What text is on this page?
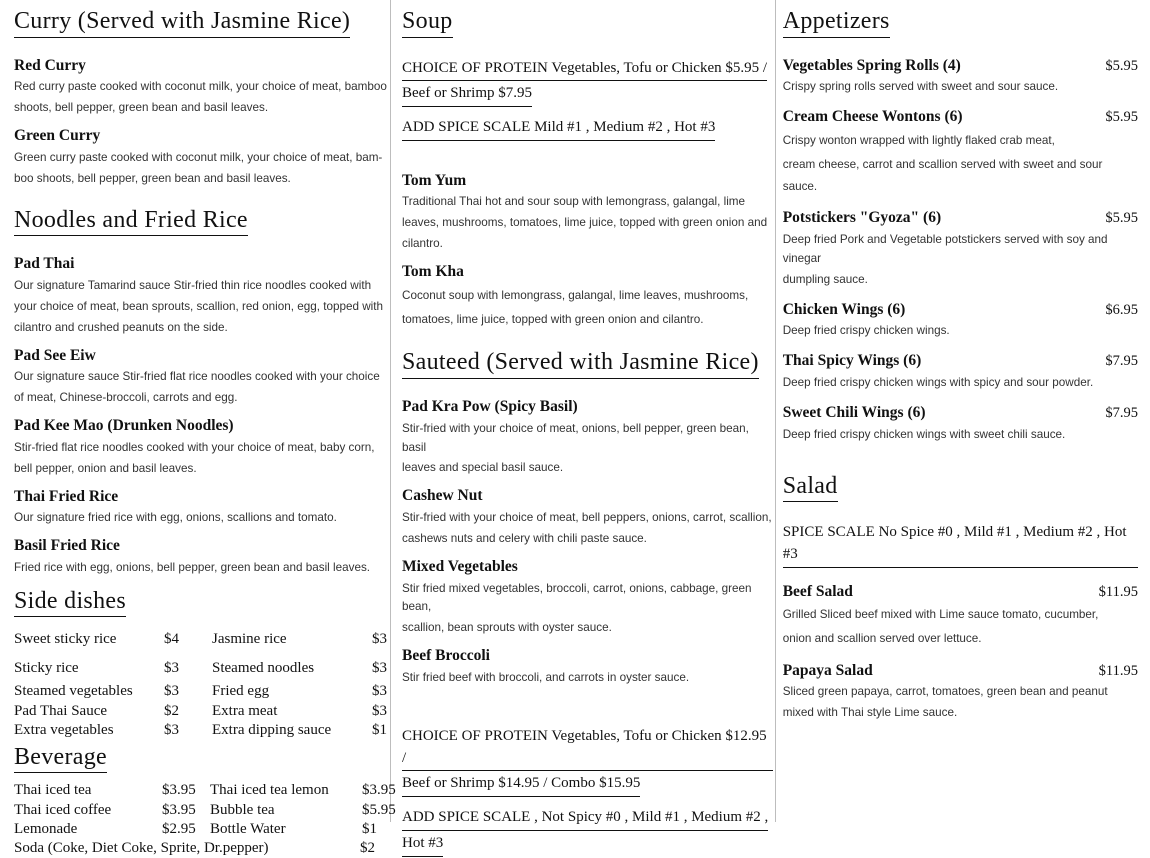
Curry (Served with Jasmine Rice)
Red Curry
Red curry paste cooked with coconut milk, your choice of meat, bamboo
shoots, bell pepper, green bean and basil leaves.
Green Curry
Green curry paste cooked with coconut milk, your choice of meat, bam-
boo shoots, bell pepper, green bean and basil leaves.
Noodles and Fried Rice
Pad Thai
Our signature Tamarind sauce Stir-fried thin rice noodles cooked with
your choice of meat, bean sprouts, scallion, red onion, egg, topped with
cilantro and crushed peanuts on the side.
Pad See Eiw
Our signature sauce Stir-fried flat rice noodles cooked with your choice
of meat, Chinese-broccoli, carrots and egg.
Pad Kee Mao (Drunken Noodles)
Stir-fried flat rice noodles cooked with your choice of meat, baby corn,
bell pepper, onion and basil leaves.
Thai Fried Rice
Our signature fried rice with egg, onions, scallions and tomato.
Basil Fried Rice
Fried rice with egg, onions, bell pepper, green bean and basil leaves.
Side dishes
Sweet sticky rice	$4	Jasmine rice	$3
Sticky rice	$3	Steamed noodles	$3
Steamed vegetables	$3	Fried egg	$3
Pad Thai Sauce	$2	Extra meat	$3
Extra vegetables	$3	Extra dipping sauce	$1
Beverage
Thai iced tea	$3.95 Thai iced tea lemon	$3.95
Thai iced coffee	$3.95 Bubble tea	$5.95
Lemonade	$2.95 Bottle Water	$1
Soda (Coke, Diet Coke, Sprite, Dr.pepper)	$2
Soup
CHOICE OF PROTEIN Vegetables, Tofu or Chicken $5.95 /
Beef or Shrimp $7.95
ADD SPICE SCALE Mild #1 , Medium #2 , Hot #3
Tom Yum
Traditional Thai hot and sour soup with lemongrass, galangal, lime
leaves, mushrooms, tomatoes, lime juice, topped with green onion and
cilantro.
Tom Kha
Coconut soup with lemongrass, galangal, lime leaves, mushrooms,
tomatoes, lime juice, topped with green onion and cilantro.
Sauteed (Served with Jasmine Rice)
Pad Kra Pow (Spicy Basil)
Stir-fried with your choice of meat, onions, bell pepper, green bean, basil
leaves and special basil sauce.
Cashew Nut
Stir-fried with your choice of meat, bell peppers, onions, carrot, scallion,
cashews nuts and celery with chili paste sauce.
Mixed Vegetables
Stir fried mixed vegetables, broccoli, carrot, onions, cabbage, green bean,
scallion, bean sprouts with oyster sauce.
Beef Broccoli
Stir fried beef with broccoli, and carrots in oyster sauce.
CHOICE OF PROTEIN Vegetables, Tofu or Chicken $12.95 /
Beef or Shrimp $14.95 / Combo $15.95
ADD SPICE SCALE , Not Spicy #0 , Mild #1 , Medium #2 ,
Hot #3
Appetizers
Vegetables Spring Rolls (4)	$5.95
Crispy spring rolls served with sweet and sour sauce.
Cream Cheese Wontons (6)	$5.95
Crispy wonton wrapped with lightly flaked crab meat,
cream cheese, carrot and scallion served with sweet and sour sauce.
Potstickers "Gyoza" (6)	$5.95
Deep fried Pork and Vegetable potstickers served with soy and vinegar
dumpling sauce.
Chicken Wings (6)	$6.95
Deep fried crispy chicken wings.
Thai Spicy Wings (6)	$7.95
Deep fried crispy chicken wings with spicy and sour powder.
Sweet Chili Wings (6)	$7.95
Deep fried crispy chicken wings with sweet chili sauce.
Salad
SPICE SCALE No Spice #0 , Mild #1 , Medium #2 , Hot #3
Beef Salad	$11.95
Grilled Sliced beef mixed with Lime sauce tomato, cucumber,
onion and scallion served over lettuce.
Papaya Salad	$11.95
Sliced green papaya, carrot, tomatoes, green bean and peanut
mixed with Thai style Lime sauce.
